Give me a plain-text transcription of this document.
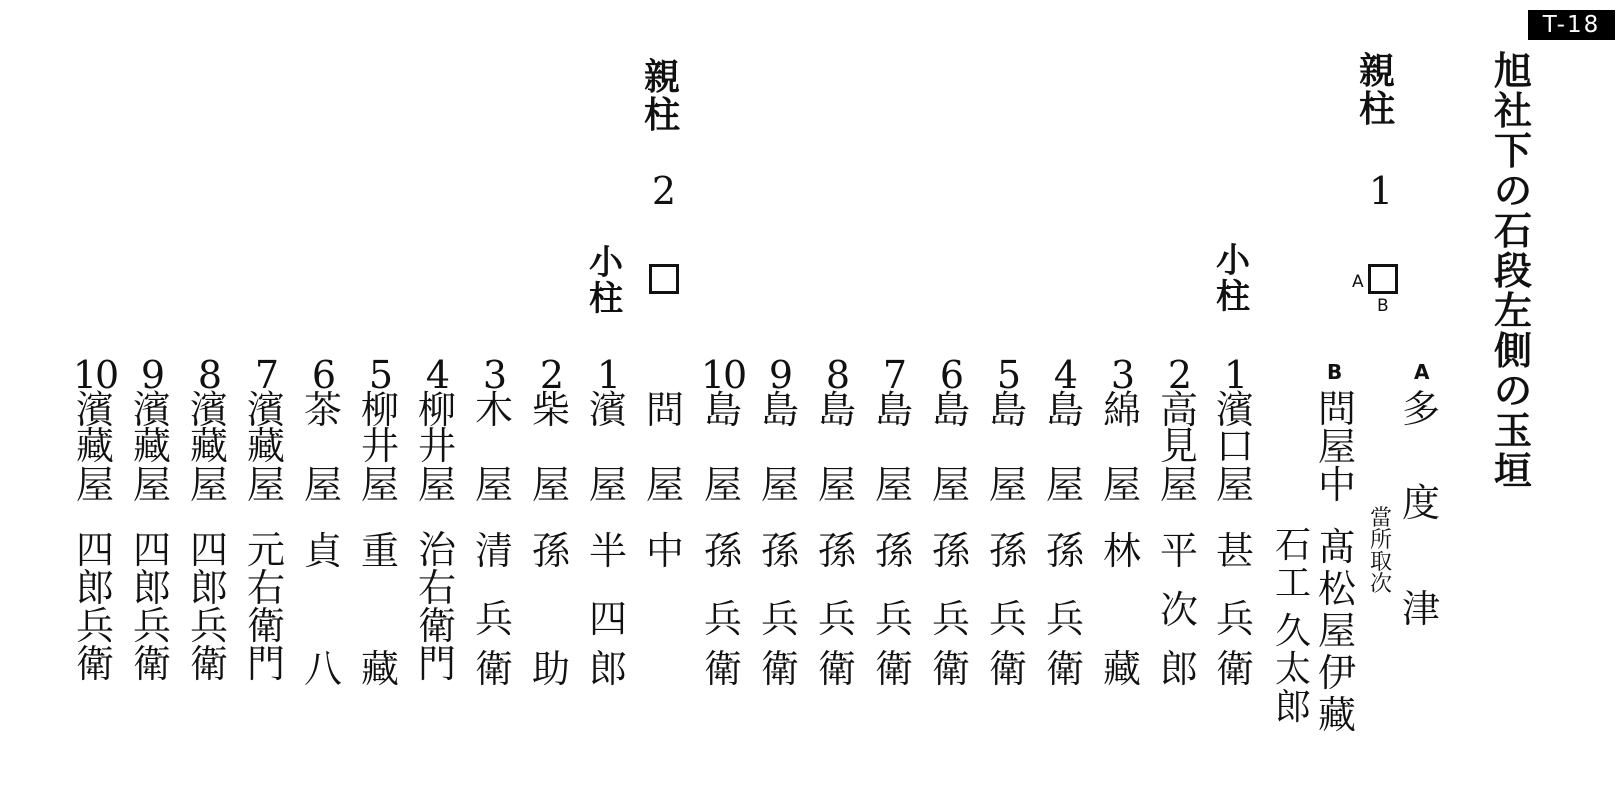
T-18
旭
社
下
の
石
段
左
側
の
玉
垣
親
柱
1
小
柱	A
B
親
柱
2
小
柱
A
多
度
津
B
問
屋
中
當
所
取
次
髙
松
屋
伊
藏
石
工
久
太
郎
1
濱
口
屋
甚
兵
衛
2
高
見
屋
平
次
郎
3
綿
屋
林
藏
4
島
屋
孫
兵
衛
5
島
屋
孫
兵
衛
6
島
屋
孫
兵
衛
7
島
屋
孫
兵
衛
8
島
屋
孫
兵
衛
9
島
屋
孫
兵
衛
10
島
屋
孫
兵
衛
問
屋
中
1
濱
屋
半
四
郎
2
柴
屋
孫
助
3
木
屋
清
兵
衛
4
柳
井
屋
治
右
衛
門
5
柳
井
屋
重
藏
6
茶
屋
貞
八
7
濱
藏
屋
元
右
衛
門
8
濱
藏
屋
四
郎
兵
衛
9
濱
藏
屋
四
郎
兵
衛
10
濱
藏
屋
四
郎
兵
衛
